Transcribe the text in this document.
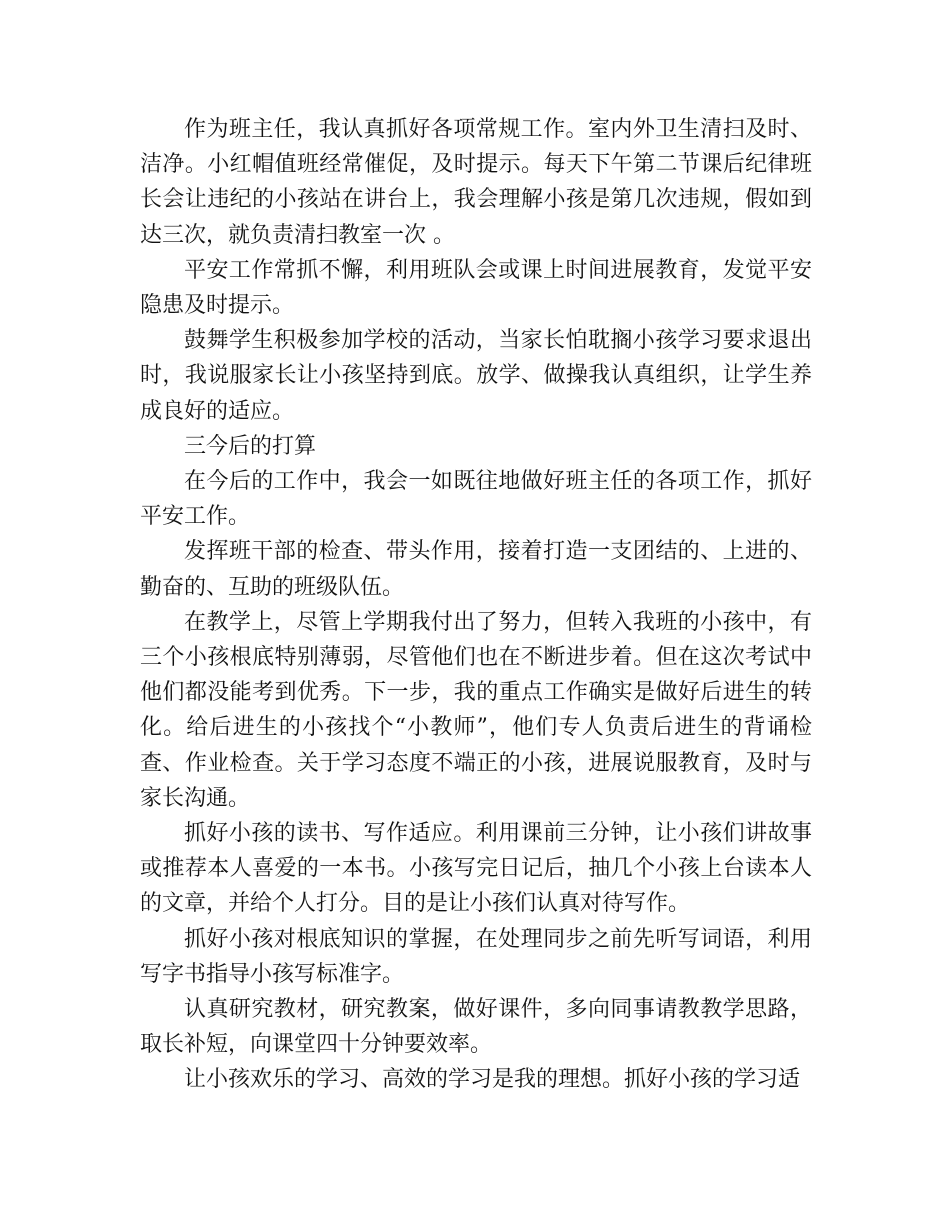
作为班主任，我认真抓好各项常规工作。室内外卫生清扫及时、洁净。小红帽值班经常催促，及时提示。每天下午第二节课后纪律班长会让违纪的小孩站在讲台上，我会理解小孩是第几次违规，假如到达三次，就负责清扫教室一次 。

平安工作常抓不懈，利用班队会或课上时间进展教育，发觉平安隐患及时提示。

鼓舞学生积极参加学校的活动，当家长怕耽搁小孩学习要求退出时，我说服家长让小孩坚持到底。放学、做操我认真组织，让学生养成良好的适应。

三今后的打算

在今后的工作中，我会一如既往地做好班主任的各项工作，抓好平安工作。

发挥班干部的检查、带头作用，接着打造一支团结的、上进的、勤奋的、互助的班级队伍。

在教学上，尽管上学期我付出了努力，但转入我班的小孩中，有三个小孩根底特别薄弱，尽管他们也在不断进步着。但在这次考试中他们都没能考到优秀。下一步，我的重点工作确实是做好后进生的转化。给后进生的小孩找个“小教师”，他们专人负责后进生的背诵检查、作业检查。关于学习态度不端正的小孩，进展说服教育，及时与家长沟通。

抓好小孩的读书、写作适应。利用课前三分钟，让小孩们讲故事或推荐本人喜爱的一本书。小孩写完日记后，抽几个小孩上台读本人的文章，并给个人打分。目的是让小孩们认真对待写作。

抓好小孩对根底知识的掌握，在处理同步之前先听写词语，利用写字书指导小孩写标准字。

认真研究教材，研究教案，做好课件，多向同事请教教学思路，取长补短，向课堂四十分钟要效率。

让小孩欢乐的学习、高效的学习是我的理想。抓好小孩的学习适
